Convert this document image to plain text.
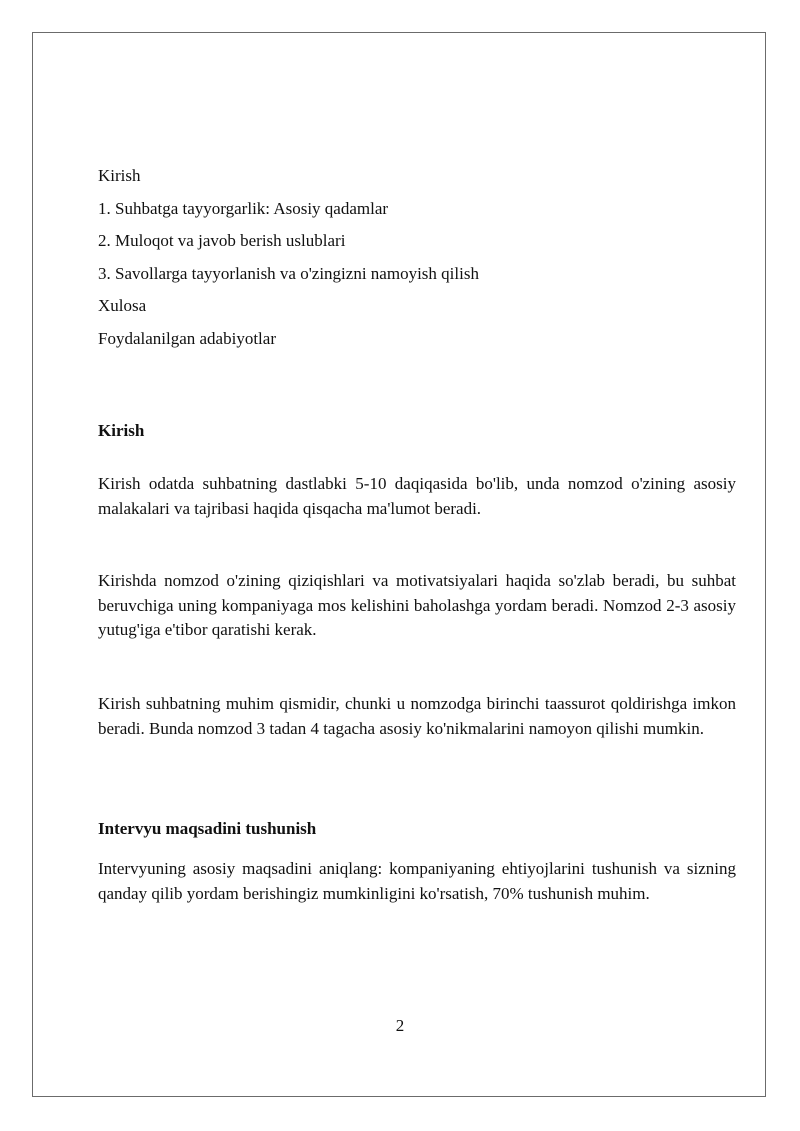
Kirish
1. Suhbatga tayyorgarlik: Asosiy qadamlar
2. Muloqot va javob berish uslublari
3. Savollarga tayyorlanish va o'zingizni namoyish qilish
Xulosa
Foydalanilgan adabiyotlar
Kirish
Kirish odatda suhbatning dastlabki 5-10 daqiqasida bo'lib, unda nomzod o'zining asosiy malakalari va tajribasi haqida qisqacha ma'lumot beradi.
Kirishda nomzod o'zining qiziqishlari va motivatsiyalari haqida so'zlab beradi, bu suhbat beruvchiga uning kompaniyaga mos kelishini baholashga yordam beradi. Nomzod 2-3 asosiy yutug'iga e'tibor qaratishi kerak.
Kirish suhbatning muhim qismidir, chunki u nomzodga birinchi taassurot qoldirishga imkon beradi. Bunda nomzod 3 tadan 4 tagacha asosiy ko'nikmalarini namoyon qilishi mumkin.
Intervyu maqsadini tushunish
Intervyuning asosiy maqsadini aniqlang: kompaniyaning ehtiyojlarini tushunish va sizning qanday qilib yordam berishingiz mumkinligini ko'rsatish, 70% tushunish muhim.
2
